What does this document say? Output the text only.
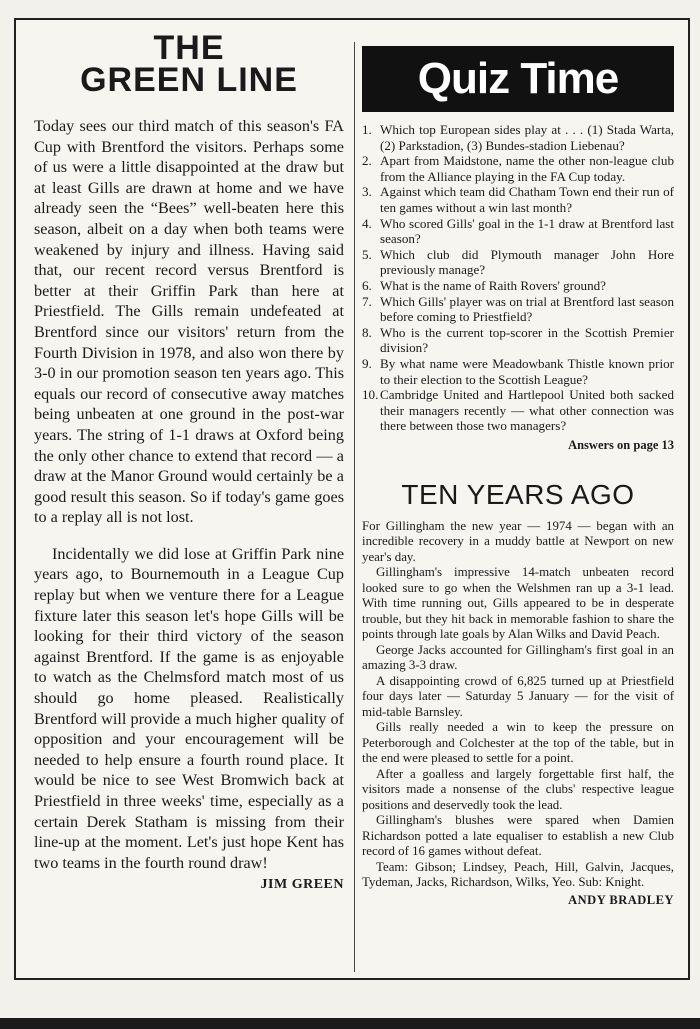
THE
GREEN LINE

Today sees our third match of this season's FA Cup with Brentford the visitors. Perhaps some of us were a little disappointed at the draw but at least Gills are drawn at home and we have already seen the “Bees” well-beaten here this season, albeit on a day when both teams were weakened by injury and illness. Having said that, our recent record versus Brentford is better at their Griffin Park than here at Priestfield. The Gills remain undefeated at Brentford since our visitors' return from the Fourth Division in 1978, and also won there by 3-0 in our promotion season ten years ago. This equals our record of consecutive away matches being unbeaten at one ground in the post-war years. The string of 1-1 draws at Oxford being the only other chance to extend that record — a draw at the Manor Ground would certainly be a good result this season. So if today's game goes to a replay all is not lost.

Incidentally we did lose at Griffin Park nine years ago, to Bournemouth in a League Cup replay but when we venture there for a League fixture later this season let's hope Gills will be looking for their third victory of the season against Brentford. If the game is as enjoyable to watch as the Chelmsford match most of us should go home pleased. Realistically Brentford will provide a much higher quality of opposition and your encouragement will be needed to help ensure a fourth round place. It would be nice to see West Bromwich back at Priestfield in three weeks' time, especially as a certain Derek Statham is missing from their line-up at the moment. Let's just hope Kent has two teams in the fourth round draw!

JIM GREEN
Quiz Time
1. Which top European sides play at . . . (1) Stada Warta, (2) Parkstadion, (3) Bundes-stadion Liebenau?
2. Apart from Maidstone, name the other non-league club from the Alliance playing in the FA Cup today.
3. Against which team did Chatham Town end their run of ten games without a win last month?
4. Who scored Gills' goal in the 1-1 draw at Brentford last season?
5. Which club did Plymouth manager John Hore previously manage?
6. What is the name of Raith Rovers' ground?
7. Which Gills' player was on trial at Brentford last season before coming to Priestfield?
8. Who is the current top-scorer in the Scottish Premier division?
9. By what name were Meadowbank Thistle known prior to their election to the Scottish League?
10. Cambridge United and Hartlepool United both sacked their managers recently — what other connection was there between those two managers?
Answers on page 13
TEN YEARS AGO

For Gillingham the new year — 1974 — began with an incredible recovery in a muddy battle at Newport on new year's day.

Gillingham's impressive 14-match unbeaten record looked sure to go when the Welshmen ran up a 3-1 lead. With time running out, Gills appeared to be in desperate trouble, but they hit back in memorable fashion to share the points through late goals by Alan Wilks and David Peach.

George Jacks accounted for Gillingham's first goal in an amazing 3-3 draw.

A disappointing crowd of 6,825 turned up at Priestfield four days later — Saturday 5 January — for the visit of mid-table Barnsley.

Gills really needed a win to keep the pressure on Peterborough and Colchester at the top of the table, but in the end were pleased to settle for a point.

After a goalless and largely forgettable first half, the visitors made a nonsense of the clubs' respective league positions and deservedly took the lead.

Gillingham's blushes were spared when Damien Richardson potted a late equaliser to establish a new Club record of 16 games without defeat.

Team: Gibson; Lindsey, Peach, Hill, Galvin, Jacques, Tydeman, Jacks, Richardson, Wilks, Yeo. Sub: Knight.

ANDY BRADLEY
